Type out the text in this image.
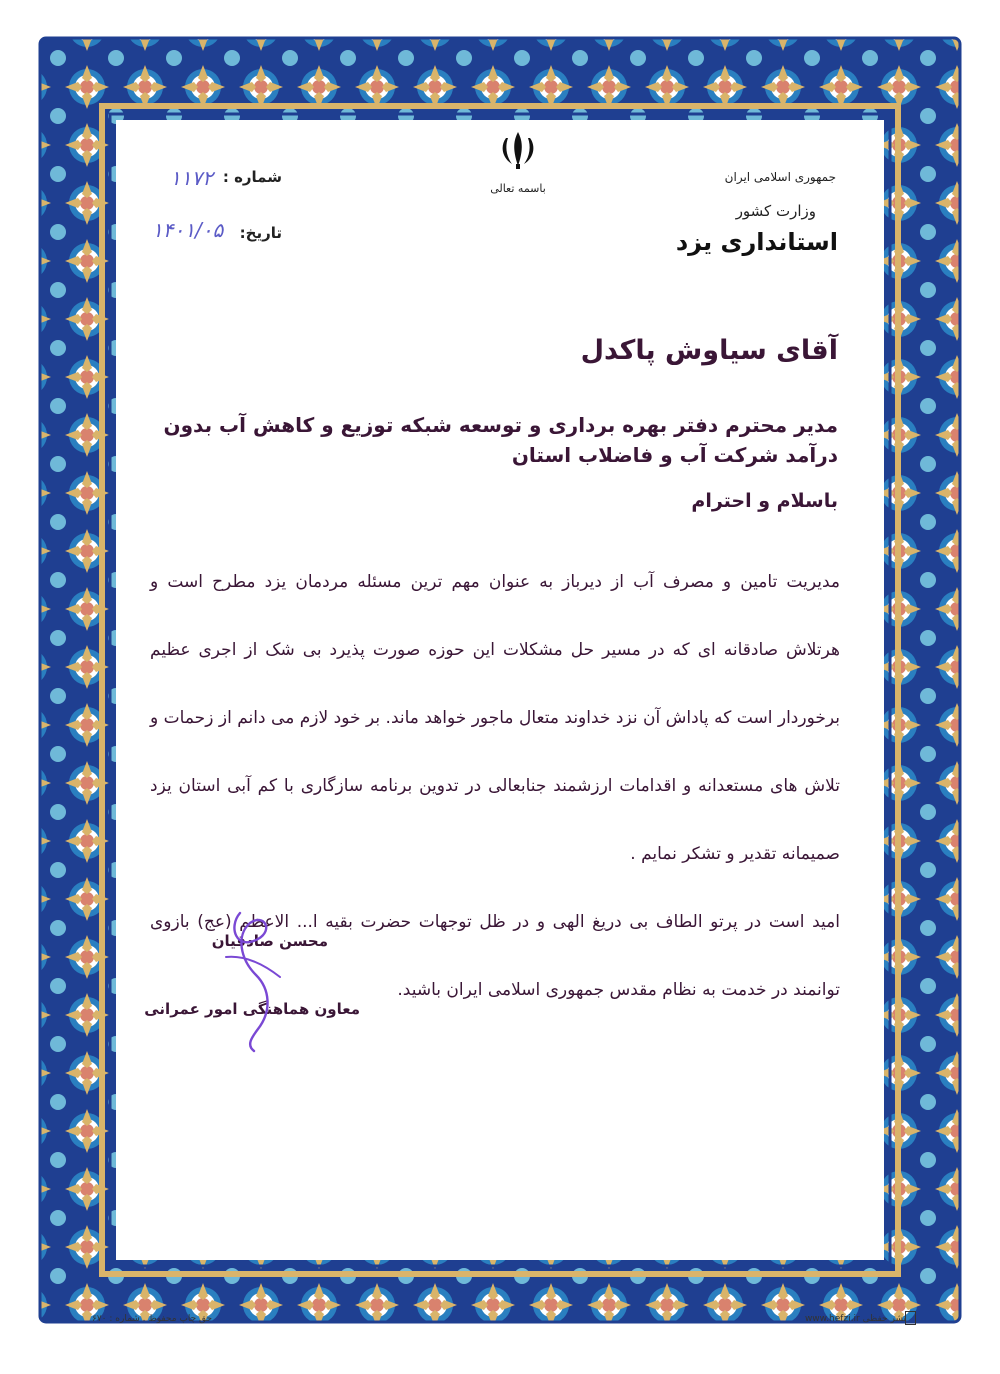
باسمه تعالی
جمهوری اسلامی ایران
وزارت کشور
استانداری یزد
شماره :
۱۱۷۲
تاریخ:
۱۴۰۱/۰۵
آقای سیاوش پاکدل
مدیر محترم دفتر بهره برداری و توسعه شبکه توزیع و کاهش آب بدون درآمد شرکت آب و فاضلاب استان
باسلام و احترام
مدیریت تامین و مصرف آب از دیرباز به عنوان مهم ترین مسئله مردمان یزد مطرح است و هرتلاش صادقانه ای که در مسیر حل مشکلات این حوزه صورت پذیرد بی شک از اجری عظیم برخوردار است که پاداش آن نزد خداوند متعال ماجور خواهد ماند. بر خود لازم می دانم از زحمات و تلاش های مستعدانه و اقدامات ارزشمند جنابعالی در تدوین برنامه سازگاری با کم آبی استان یزد صمیمانه تقدیر و تشکر نمایم .
امید است در پرتو الطاف بی دریغ الهی و در ظل توجهات حضرت بقیه ا... الاعظم (عج) بازوی توانمند در خدمت به نظام مقدس جمهوری اسلامی ایران باشید.
محسن صادقیان
معاون هماهنگی امور عمرانی
حق چاپ محفوظ . شماره : ۶۷۰	www.hefzi.ir نشر حفظی
